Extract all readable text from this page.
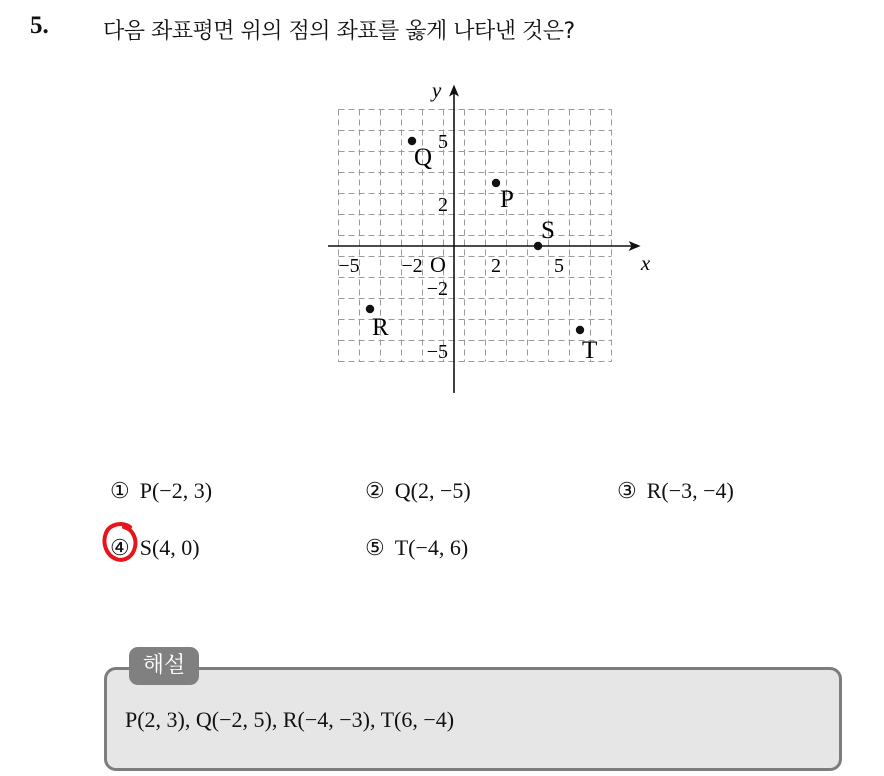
5. 다음 좌표평면 위의 점의 좌표를 옳게 나타낸 것은?
x
y
O
−5 −2	2	5
5
2
−2
−5
P
Q
R
S
T
① P(−2, 3)	② Q(2, −5)	③ R(−3, −4)
④ S(4, 0)	⑤ T(−4, 6)
해설
P(2, 3), Q(−2, 5), R(−4, −3), T(6, −4)
